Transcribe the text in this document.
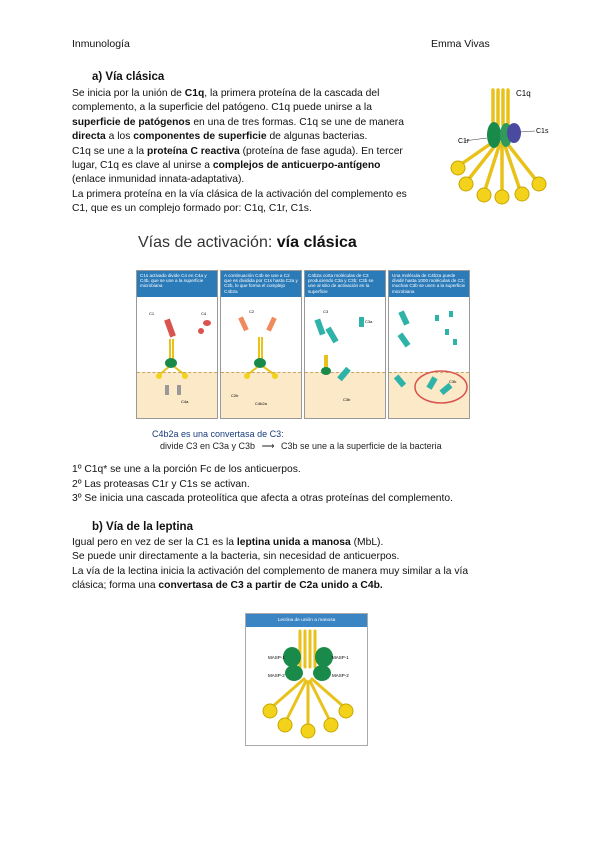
Inmunología	Emma Vivas
a) Vía clásica
Se inicia por la unión de C1q, la primera proteína de la cascada del
complemento, a la superficie del patógeno. C1q puede unirse a la
superficie de patógenos en una de tres formas. C1q se une de manera
directa a los componentes de superficie de algunas bacterias.
C1q se une a la proteína C reactiva (proteína de fase aguda). En tercer
lugar, C1q es clave al unirse a complejos de anticuerpo-antígeno
(enlace inmunidad innata-adaptativa).
La primera proteína en la vía clásica de la activación del complemento es
C1, que es un complejo formado por: C1q, C1r, C1s.
C1q
C1s
C1r
Vías de activación: vía clásica
C1s activado divide C4 en C4a y C4b, que se une a la superficie microbiana
C1	C4
C4a
A continuación C4b se une a C2 que es dividida por C1s hasta C2a y C2b, lo que forma el complejo C4b2a
C2
C2b
C4b2a
C4b2a corta moléculas de C3 produciendo C3a y C3b; C3b se une al sitio de activación en la superficie
C3
C3a
C3b
Una molécula de C4b2a puede dividir hasta 1000 moléculas de C3; muchas C3b se unen a la superficie microbiana
C3b
C4b2a es una convertasa de C3:
divide C3 en C3a y C3b ⟶ C3b se une a la superficie de la bacteria
1º C1q* se une a la porción Fc de los anticuerpos.
2º Las proteasas C1r y C1s se activan.
3º Se inicia una cascada proteolítica que afecta a otras proteínas del complemento.
b) Vía de la leptina
Igual pero en vez de ser la C1 es la leptina unida a manosa (MbL).
Se puede unir directamente a la bacteria, sin necesidad de anticuerpos.
La vía de la lectina inicia la activación del complemento de manera muy similar a la vía
clásica; forma una convertasa de C3 a partir de C2a unido a C4b.
Lectina de unión a manosa
MASP-1
MASP-2
MASP-1
MASP-2
